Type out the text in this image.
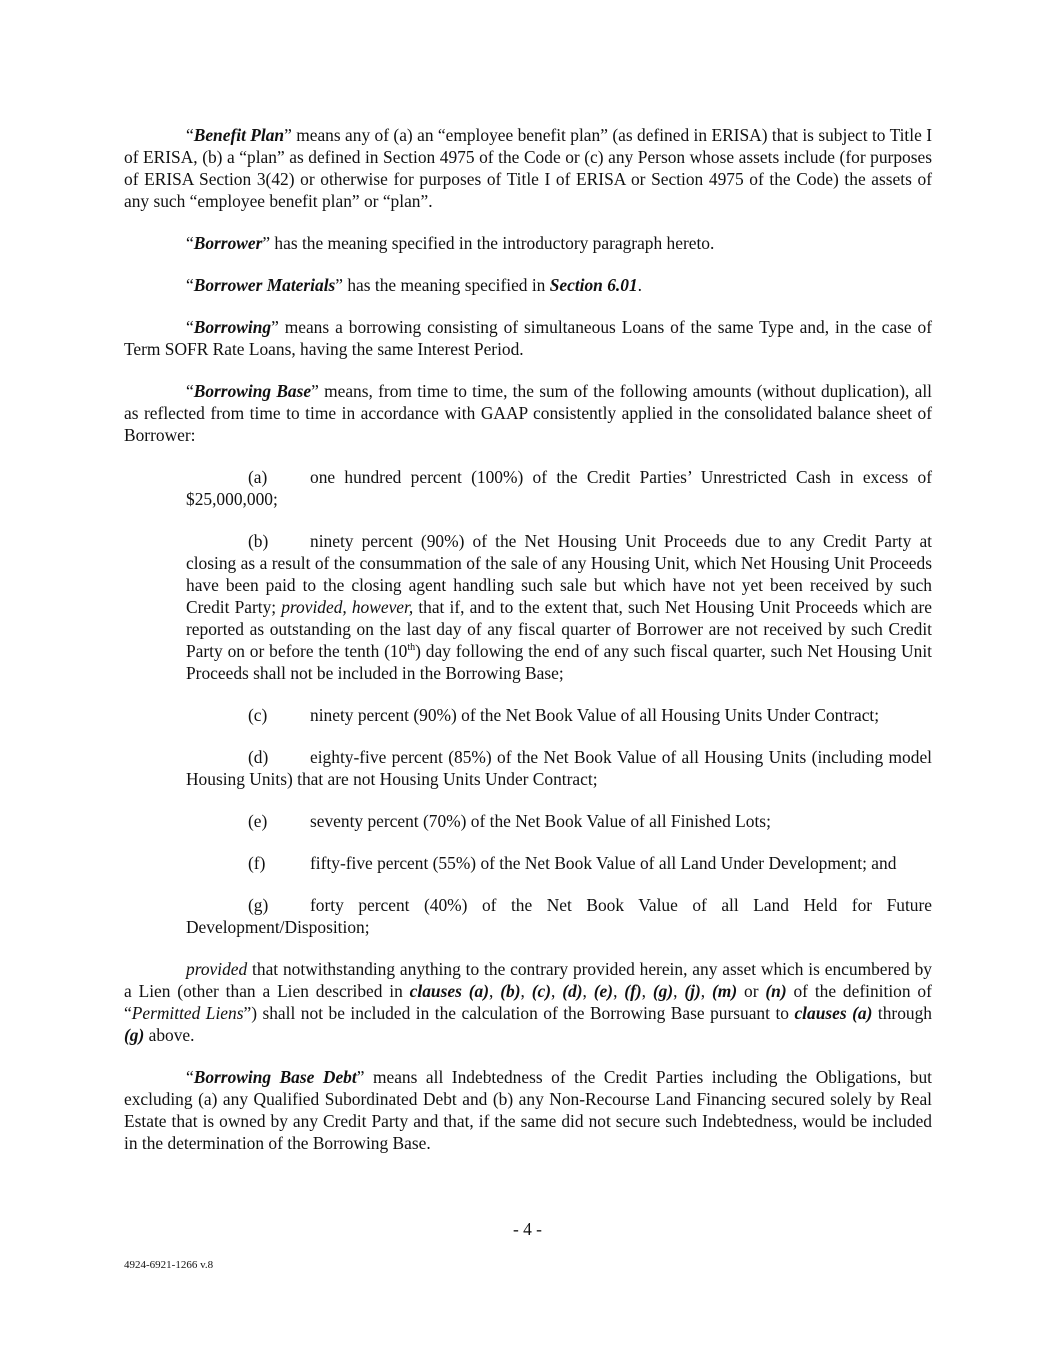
“Benefit Plan” means any of (a) an “employee benefit plan” (as defined in ERISA) that is subject to Title I of ERISA, (b) a “plan” as defined in Section 4975 of the Code or (c) any Person whose assets include (for purposes of ERISA Section 3(42) or otherwise for purposes of Title I of ERISA or Section 4975 of the Code) the assets of any such “employee benefit plan” or “plan”.

“Borrower” has the meaning specified in the introductory paragraph hereto.

“Borrower Materials” has the meaning specified in Section 6.01.

“Borrowing” means a borrowing consisting of simultaneous Loans of the same Type and, in the case of Term SOFR Rate Loans, having the same Interest Period.

“Borrowing Base” means, from time to time, the sum of the following amounts (without duplication), all as reflected from time to time in accordance with GAAP consistently applied in the consolidated balance sheet of Borrower:

(a) one hundred percent (100%) of the Credit Parties’ Unrestricted Cash in excess of $25,000,000;

(b) ninety percent (90%) of the Net Housing Unit Proceeds due to any Credit Party at closing as a result of the consummation of the sale of any Housing Unit, which Net Housing Unit Proceeds have been paid to the closing agent handling such sale but which have not yet been received by such Credit Party; provided, however, that if, and to the extent that, such Net Housing Unit Proceeds which are reported as outstanding on the last day of any fiscal quarter of Borrower are not received by such Credit Party on or before the tenth (10th) day following the end of any such fiscal quarter, such Net Housing Unit Proceeds shall not be included in the Borrowing Base;

(c) ninety percent (90%) of the Net Book Value of all Housing Units Under Contract;

(d) eighty-five percent (85%) of the Net Book Value of all Housing Units (including model Housing Units) that are not Housing Units Under Contract;

(e) seventy percent (70%) of the Net Book Value of all Finished Lots;

(f)	fifty-five percent (55%) of the Net Book Value of all Land Under Development; and

(g) forty percent (40%) of the Net Book Value of all Land Held for Future Development/Disposition;

provided that notwithstanding anything to the contrary provided herein, any asset which is encumbered by a Lien (other than a Lien described in clauses (a), (b), (c), (d), (e), (f), (g), (j), (m) or (n) of the definition of “Permitted Liens”) shall not be included in the calculation of the Borrowing Base pursuant to clauses (a) through (g) above.

“Borrowing Base Debt” means all Indebtedness of the Credit Parties including the Obligations, but excluding (a) any Qualified Subordinated Debt and (b) any Non-Recourse Land Financing secured solely by Real Estate that is owned by any Credit Party and that, if the same did not secure such Indebtedness, would be included in the determination of the Borrowing Base.

- 4 -
4924-6921-1266 v.8
